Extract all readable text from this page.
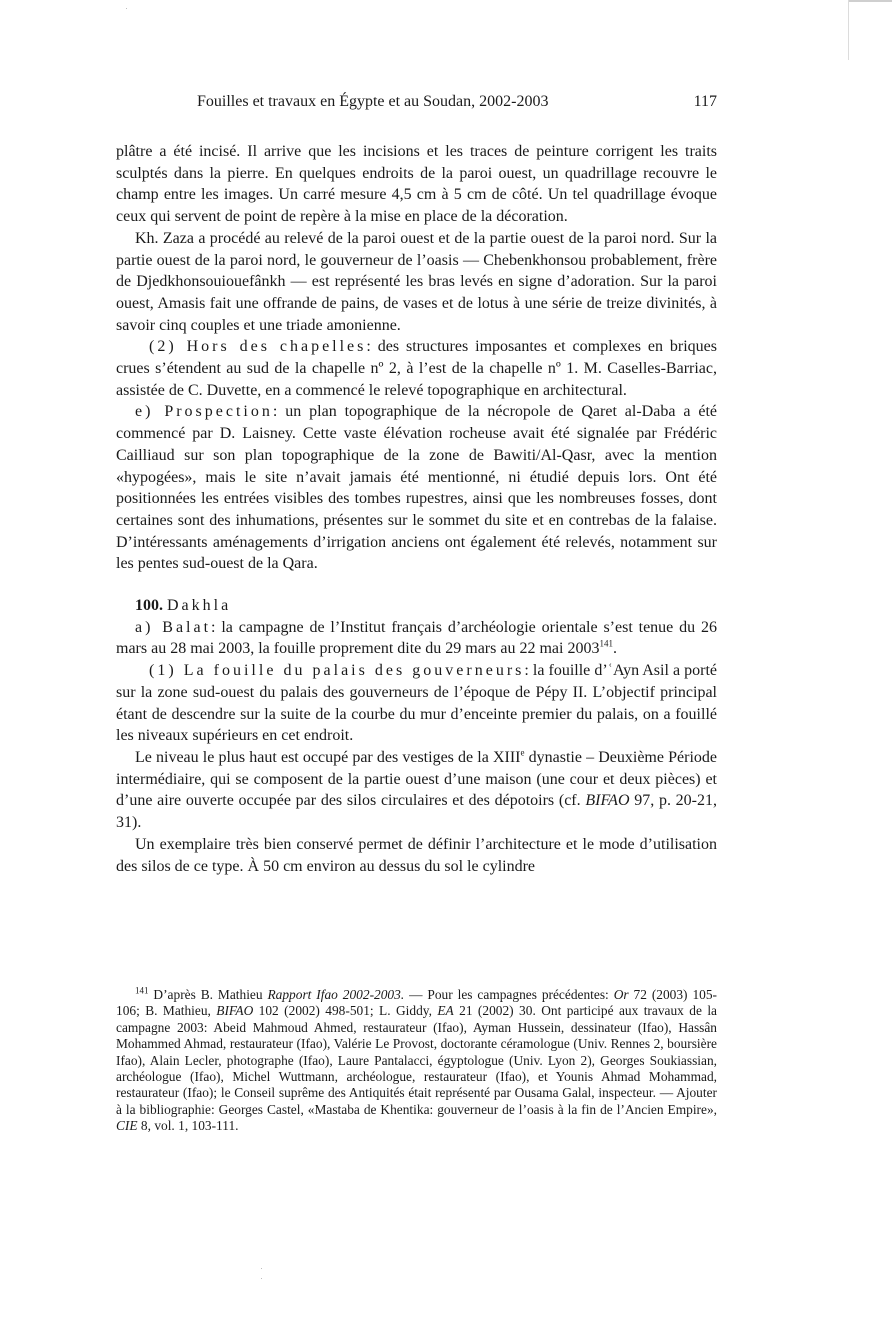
Fouilles et travaux en Égypte et au Soudan, 2002-2003	117

plâtre a été incisé. Il arrive que les incisions et les traces de peinture corrigent les traits sculptés dans la pierre. En quelques endroits de la paroi ouest, un quadrillage recouvre le champ entre les images. Un carré mesure 4,5 cm à 5 cm de côté. Un tel quadrillage évoque ceux qui servent de point de repère à la mise en place de la décoration.

Kh. Zaza a procédé au relevé de la paroi ouest et de la partie ouest de la paroi nord. Sur la partie ouest de la paroi nord, le gouverneur de l’oasis — Chebenkhonsou probablement, frère de Djedkhonsouiouefânkh — est représenté les bras levés en signe d’adoration. Sur la paroi ouest, Amasis fait une offrande de pains, de vases et de lotus à une série de treize divinités, à savoir cinq couples et une triade amonienne.

(2) Hors des chapelles: des structures imposantes et complexes en briques crues s’étendent au sud de la chapelle nº 2, à l’est de la chapelle nº 1. M. Caselles-Barriac, assistée de C. Duvette, en a commencé le relevé topographique en architectural.

e) Prospection: un plan topographique de la nécropole de Qaret al-Daba a été commencé par D. Laisney. Cette vaste élévation rocheuse avait été signalée par Frédéric Cailliaud sur son plan topographique de la zone de Bawiti/Al-Qasr, avec la mention «hypogées», mais le site n’avait jamais été mentionné, ni étudié depuis lors. Ont été positionnées les entrées visibles des tombes rupestres, ainsi que les nombreuses fosses, dont certaines sont des inhumations, présentes sur le sommet du site et en contrebas de la falaise. D’intéressants aménagements d’irrigation anciens ont également été relevés, notamment sur les pentes sud-ouest de la Qara.

100. Dakhla

a) Balat: la campagne de l’Institut français d’archéologie orientale s’est tenue du 26 mars au 28 mai 2003, la fouille proprement dite du 29 mars au 22 mai 2003$^{141}$.

(1) La fouille du palais des gouverneurs: la fouille d’ʿAyn Asil a porté sur la zone sud-ouest du palais des gouverneurs de l’époque de Pépy II. L’objectif principal étant de descendre sur la suite de la courbe du mur d’enceinte premier du palais, on a fouillé les niveaux supérieurs en cet endroit.

Le niveau le plus haut est occupé par des vestiges de la XIIIe dynastie – Deuxième Période intermédiaire, qui se composent de la partie ouest d’une maison (une cour et deux pièces) et d’une aire ouverte occupée par des silos circulaires et des dépotoirs (cf. BIFAO 97, p. 20-21, 31).

Un exemplaire très bien conservé permet de définir l’architecture et le mode d’utilisation des silos de ce type. À 50 cm environ au dessus du sol le cylindre

$^{141}$ D’après B. Mathieu Rapport Ifao 2002-2003. — Pour les campagnes précédentes: Or 72 (2003) 105-106; B. Mathieu, BIFAO 102 (2002) 498-501; L. Giddy, EA 21 (2002) 30. Ont participé aux travaux de la campagne 2003: Abeid Mahmoud Ahmed, restaurateur (Ifao), Ayman Hussein, dessinateur (Ifao), Hassân Mohammed Ahmad, restaurateur (Ifao), Valérie Le Provost, doctorante céramologue (Univ. Rennes 2, boursière Ifao), Alain Lecler, photographe (Ifao), Laure Pantalacci, égyptologue (Univ. Lyon 2), Georges Soukiassian, archéologue (Ifao), Michel Wuttmann, archéologue, restaurateur (Ifao), et Younis Ahmad Mohammad, restaurateur (Ifao); le Conseil suprême des Antiquités était représenté par Ousama Galal, inspecteur. — Ajouter à la bibliographie: Georges Castel, «Mastaba de Khentika: gouverneur de l’oasis à la fin de l’Ancien Empire», CIE 8, vol. 1, 103-111.
